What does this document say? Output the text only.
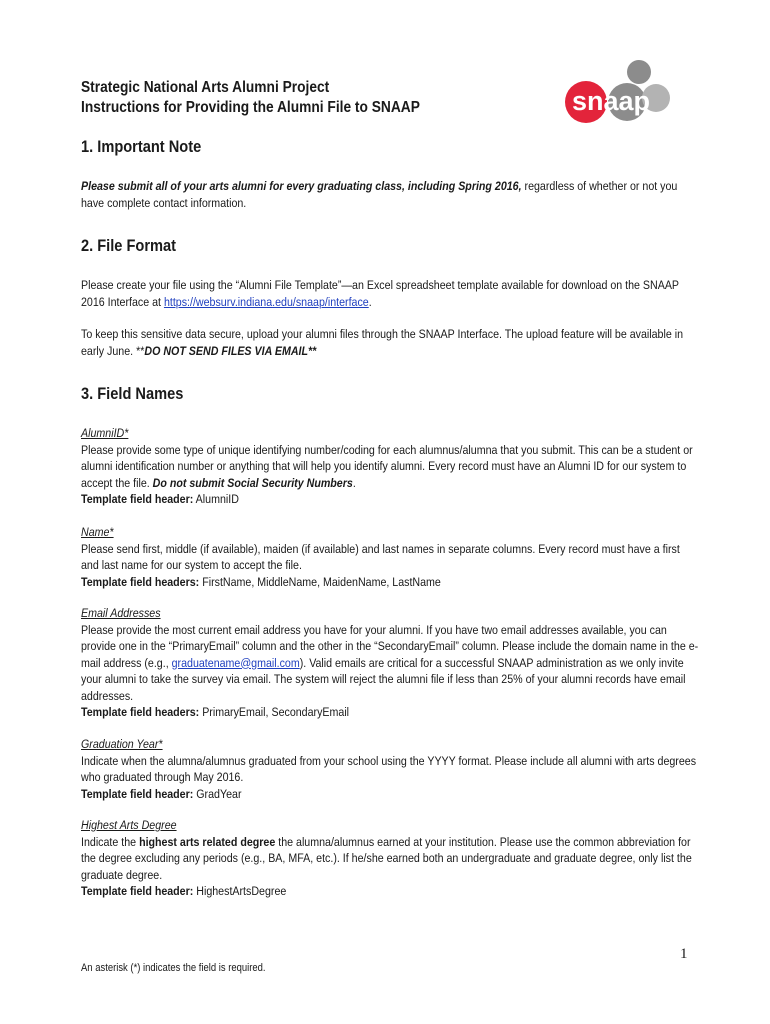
Strategic National Arts Alumni Project
Instructions for Providing the Alumni File to SNAAP	snaap
1. Important Note

Please submit all of your arts alumni for every graduating class, including Spring 2016, regardless of whether or not you have complete contact information.

2. File Format

Please create your file using the “Alumni File Template”—an Excel spreadsheet template available for download on the SNAAP 2016 Interface at https://websurv.indiana.edu/snaap/interface.

To keep this sensitive data secure, upload your alumni files through the SNAAP Interface. The upload feature will be available in early June. **DO NOT SEND FILES VIA EMAIL**

3. Field Names

AlumniID*

Please provide some type of unique identifying number/coding for each alumnus/alumna that you submit. This can be a student or alumni identification number or anything that will help you identify alumni. Every record must have an Alumni ID for our system to accept the file. Do not submit Social Security Numbers.

Template field header: AlumniID

Name*

Please send first, middle (if available), maiden (if available) and last names in separate columns. Every record must have a first and last name for our system to accept the file.

Template field headers: FirstName, MiddleName, MaidenName, LastName

Email Addresses

Please provide the most current email address you have for your alumni. If you have two email addresses available, you can provide one in the “PrimaryEmail” column and the other in the “SecondaryEmail” column. Please include the domain name in the e-mail address (e.g., graduatename@gmail.com). Valid emails are critical for a successful SNAAP administration as we only invite your alumni to take the survey via email. The system will reject the alumni file if less than 25% of your alumni records have email addresses.

Template field headers: PrimaryEmail, SecondaryEmail

Graduation Year*

Indicate when the alumna/alumnus graduated from your school using the YYYY format. Please include all alumni with arts degrees who graduated through May 2016.

Template field header: GradYear

Highest Arts Degree

Indicate the highest arts related degree the alumna/alumnus earned at your institution. Please use the common abbreviation for the degree excluding any periods (e.g., BA, MFA, etc.). If he/she earned both an undergraduate and graduate degree, only list the graduate degree.

Template field header: HighestArtsDegree

1
An asterisk (*) indicates the field is required.
